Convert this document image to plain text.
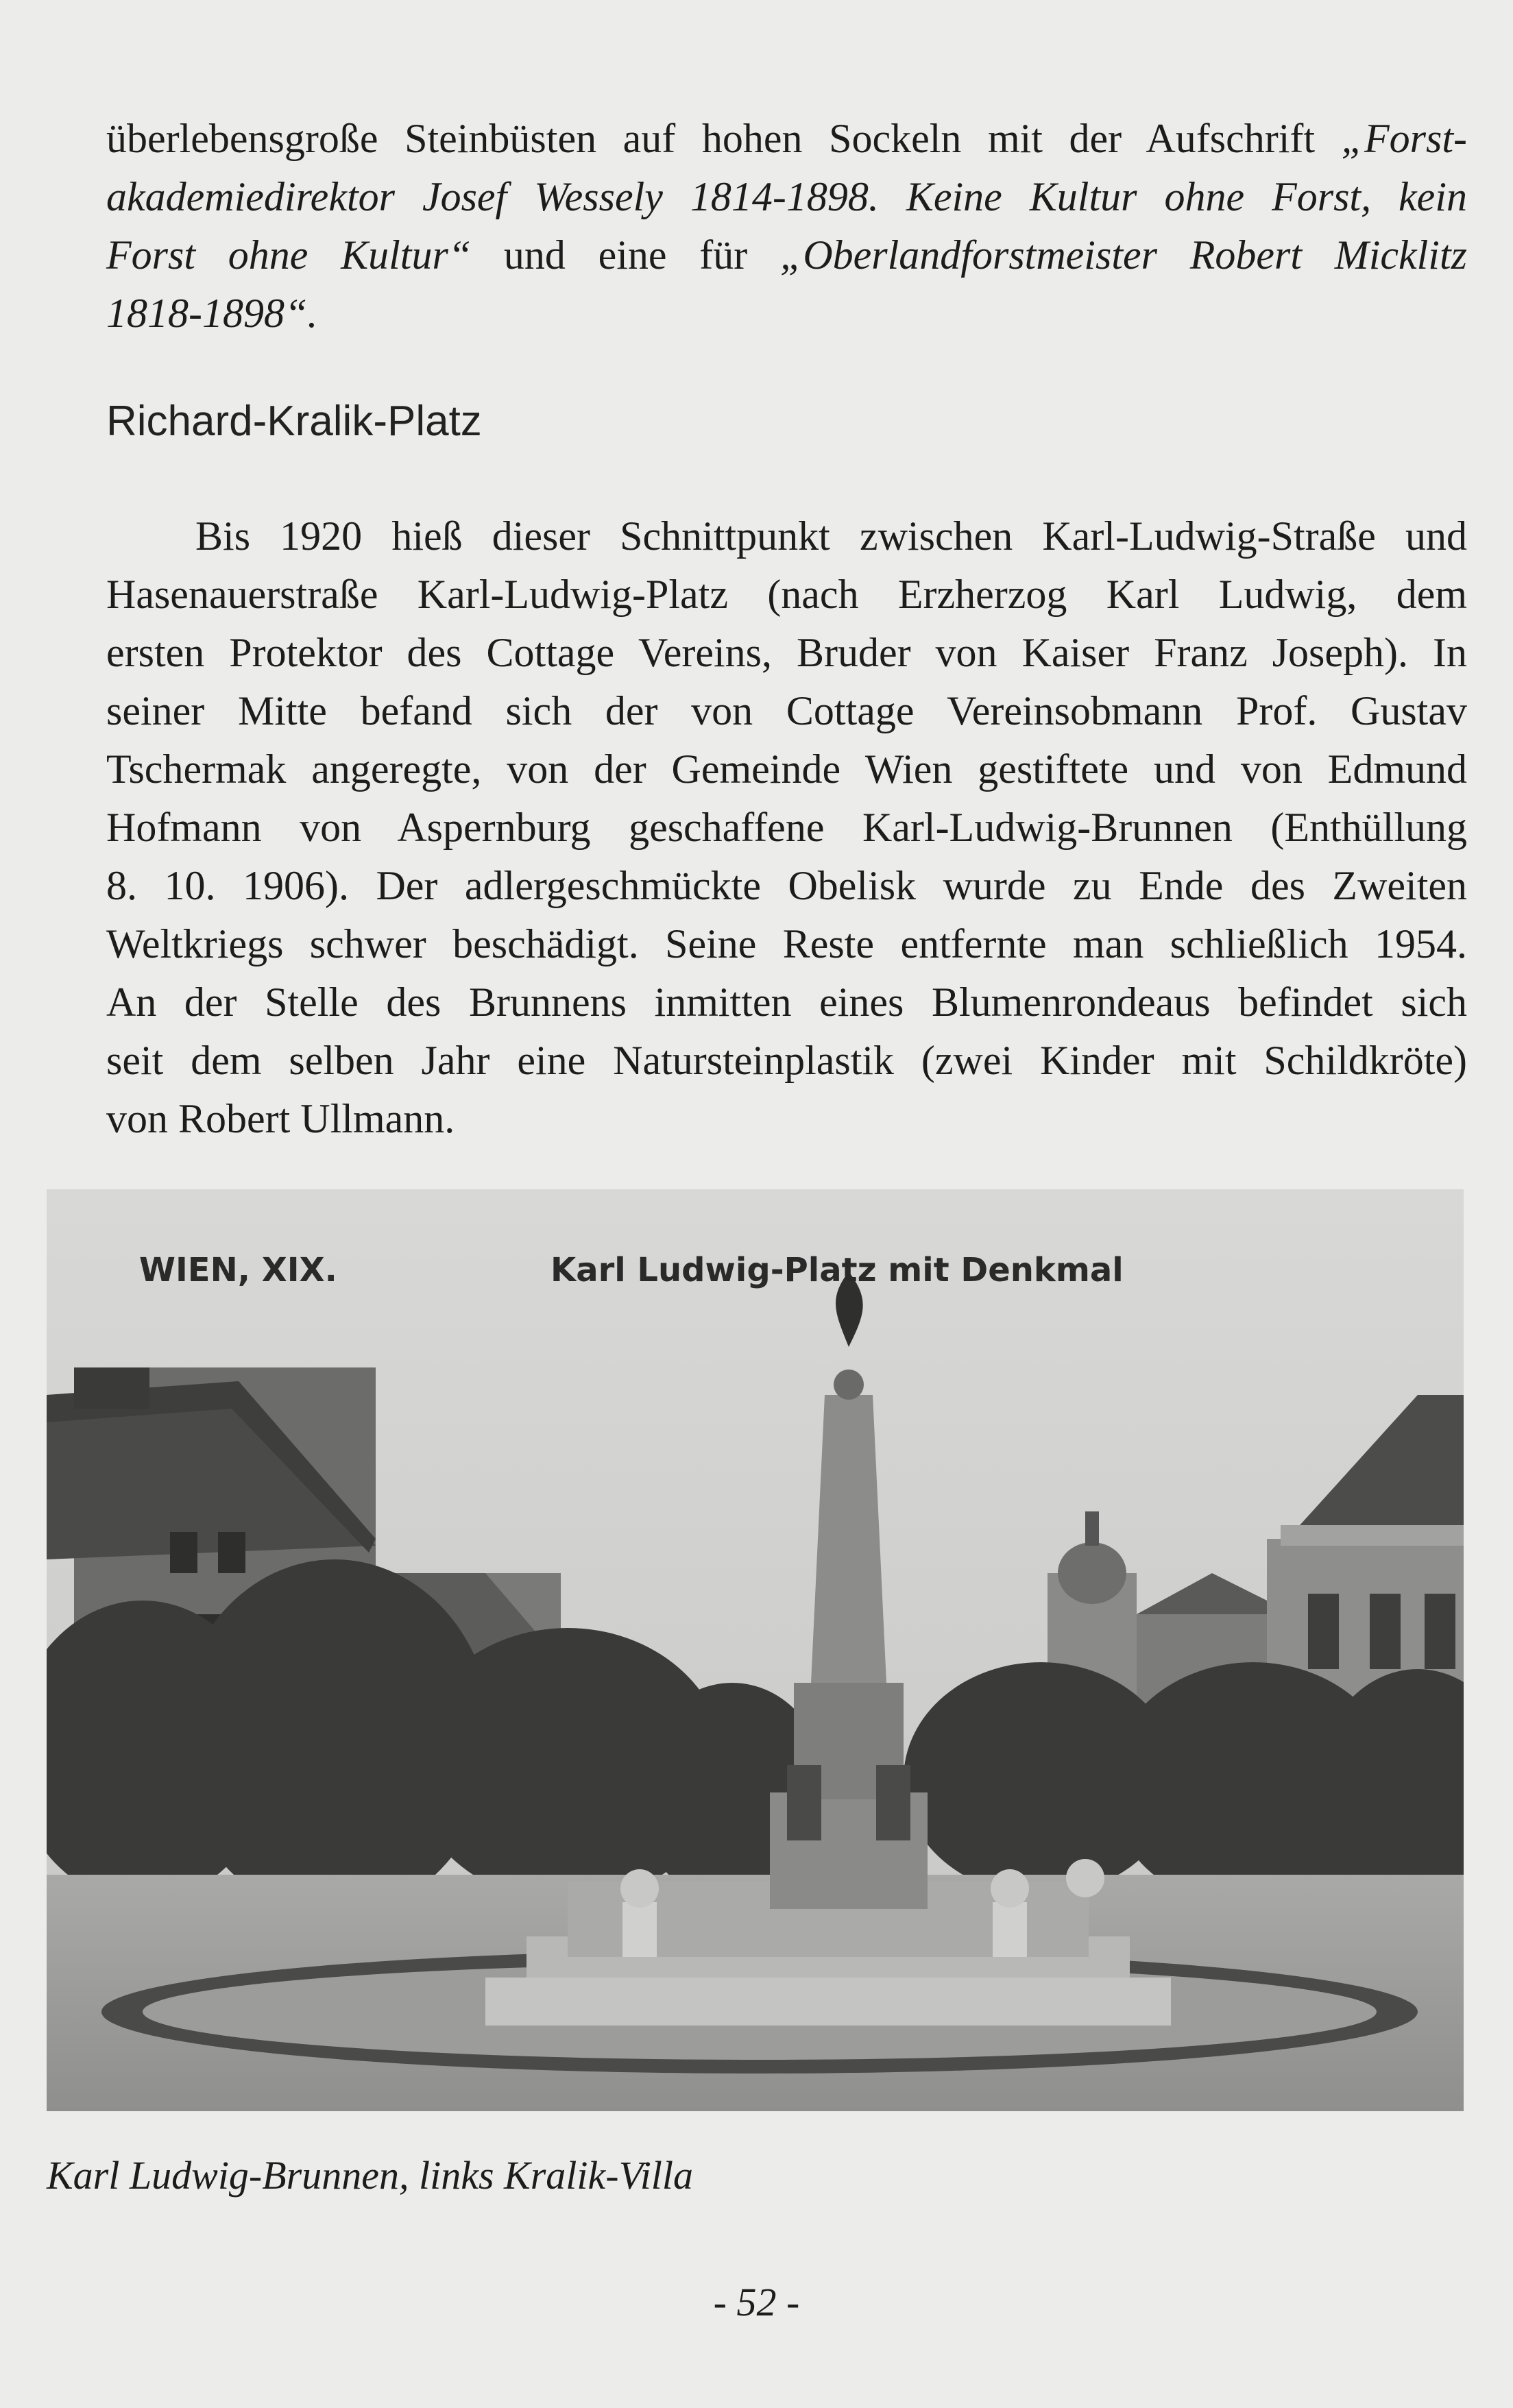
überlebensgroße Steinbüsten auf hohen Sockeln mit der Aufschrift „Forst-
akademiedirektor Josef Wessely 1814-1898. Keine Kultur ohne Forst, kein
Forst ohne Kultur“ und eine für „Oberlandforstmeister Robert Micklitz
1818-1898“.

Richard-Kralik-Platz

Bis 1920 hieß dieser Schnittpunkt zwischen Karl-Ludwig-Straße und
Hasenauerstraße Karl-Ludwig-Platz (nach Erzherzog Karl Ludwig, dem
ersten Protektor des Cottage Vereins, Bruder von Kaiser Franz Joseph). In
seiner Mitte befand sich der von Cottage Vereinsobmann Prof. Gustav
Tschermak angeregte, von der Gemeinde Wien gestiftete und von Edmund
Hofmann von Aspernburg geschaffene Karl-Ludwig-Brunnen (Enthüllung
8. 10. 1906). Der adlergeschmückte Obelisk wurde zu Ende des Zweiten
Weltkriegs schwer beschädigt. Seine Reste entfernte man schließlich 1954.
An der Stelle des Brunnens inmitten eines Blumenrondeaus befindet sich
seit dem selben Jahr eine Natursteinplastik (zwei Kinder mit Schildkröte)
von Robert Ullmann.

WIEN, XIX.	Karl Ludwig-Platz mit Denkmal

Karl Ludwig-Brunnen, links Kralik-Villa

- 52 -
